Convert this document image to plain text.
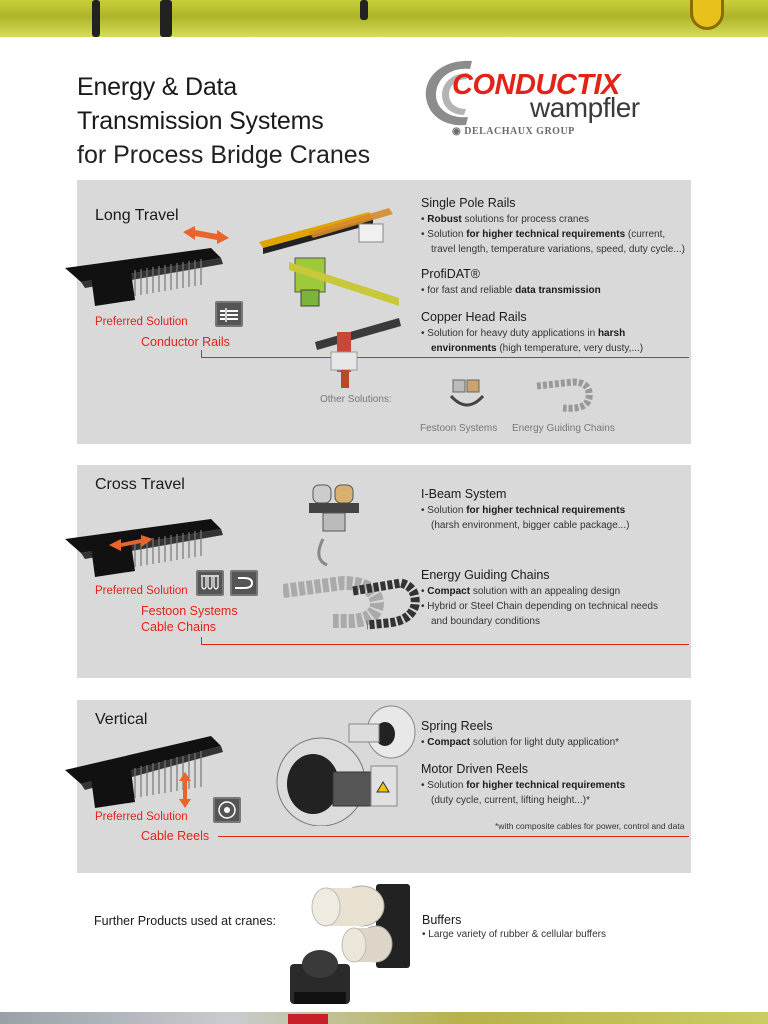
Energy & Data
Transmission Systems
for Process Bridge Cranes
CONDUCTIX
wampfler
◉ DELACHAUX GROUP
Long Travel
Preferred Solution
Conductor Rails
Single Pole Rails

• Robust solutions for process cranes

• Solution for higher technical requirements (current,

travel length, temperature variations, speed, duty cycle...)

ProfiDAT®

• for fast and reliable data transmission

Copper Head Rails

• Solution for heavy duty applications in harsh

environments (high temperature, very dusty,...)

Other Solutions:
Festoon Systems Energy Guiding Chains
Cross Travel
Preferred Solution
Festoon Systems
Cable Chains
I-Beam System

• Solution for higher technical requirements

(harsh environment, bigger cable package...)

Energy Guiding Chains

• Compact solution with an appealing design

• Hybrid or Steel Chain depending on technical needs

and boundary conditions

Vertical
Preferred Solution
Cable Reels
Spring Reels

• Compact solution for light duty application*

Motor Driven Reels

• Solution for higher technical requirements

(duty cycle, current, lifting height...)*

*with composite cables for power, control and data
Further Products used at cranes:	Buffers

• Large variety of rubber & cellular buffers
